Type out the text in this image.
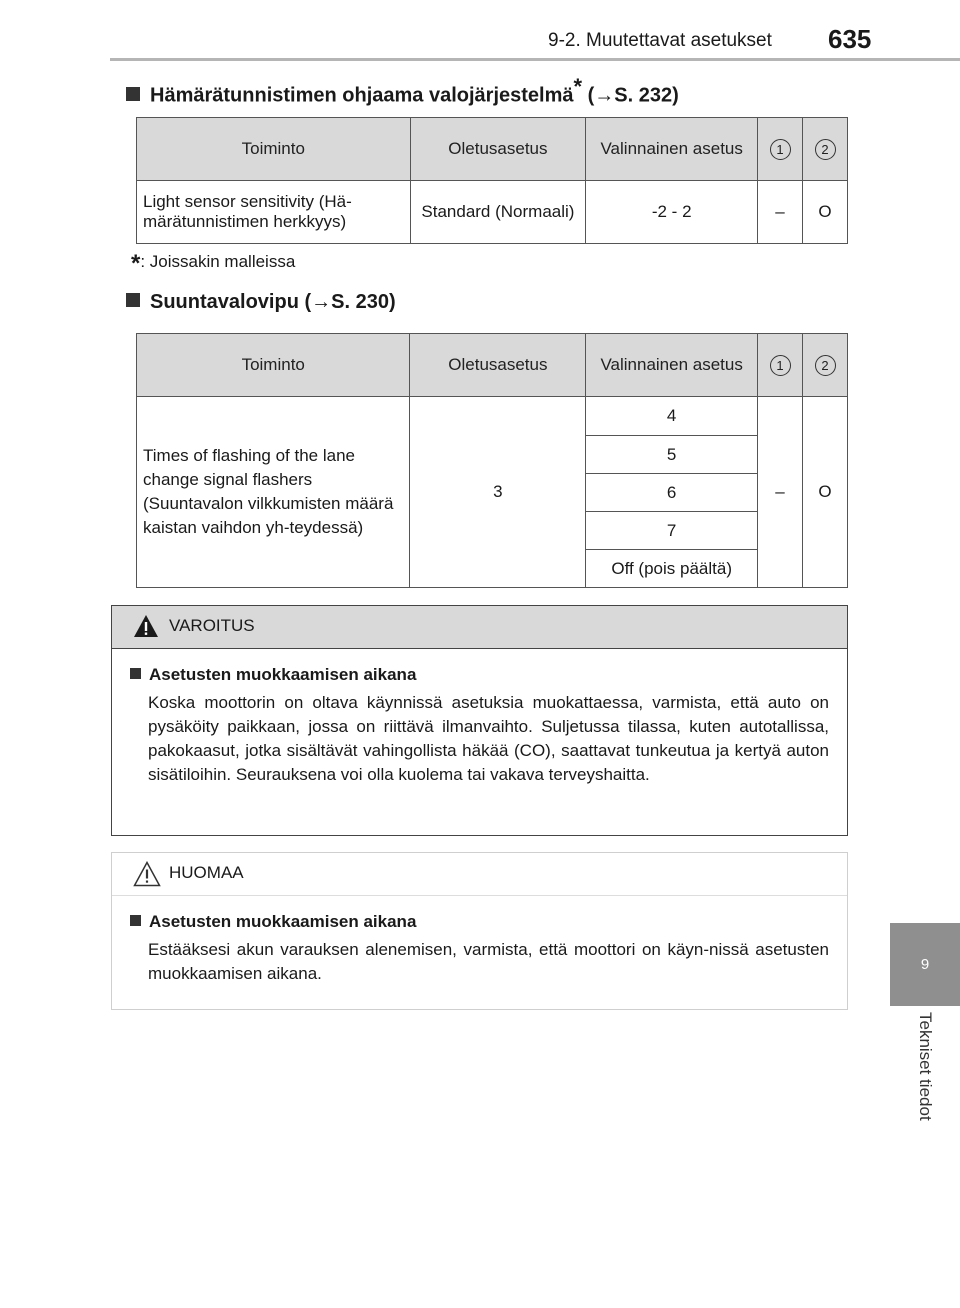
9-2. Muutettavat asetukset 635
9
Tekniset tiedot
Hämärätunnistimen ohjaama valojärjestelmä* (→S. 232)
Toiminto	Oletusasetus	Valinnainen asetus	1	2
Light sensor sensitivity (Hä-märätunnistimen herkkyys)	Standard (Normaali)	-2 - 2	–	O
*: Joissakin malleissa
Suuntavalovipu (→S. 230)
Toiminto	Oletusasetus	Valinnainen asetus	1	2
Times of flashing of the lane change signal flashers (Suuntavalon vilkkumisten määrä kaistan vaihdon yh-teydessä)	3	4	–	O
		5		
		6		
		7		
		Off (pois päältä)		
VAROITUS
Asetusten muokkaamisen aikana
Koska moottorin on oltava käynnissä asetuksia muokattaessa, varmista, että auto on pysäköity paikkaan, jossa on riittävä ilmanvaihto. Suljetussa tilassa, kuten autotallissa, pakokaasut, jotka sisältävät vahingollista häkää (CO), saattavat tunkeutua ja kertyä auton sisätiloihin. Seurauksena voi olla kuolema tai vakava terveyshaitta.
HUOMAA
Asetusten muokkaamisen aikana
Estääksesi akun varauksen alenemisen, varmista, että moottori on käyn-nissä asetusten muokkaamisen aikana.
